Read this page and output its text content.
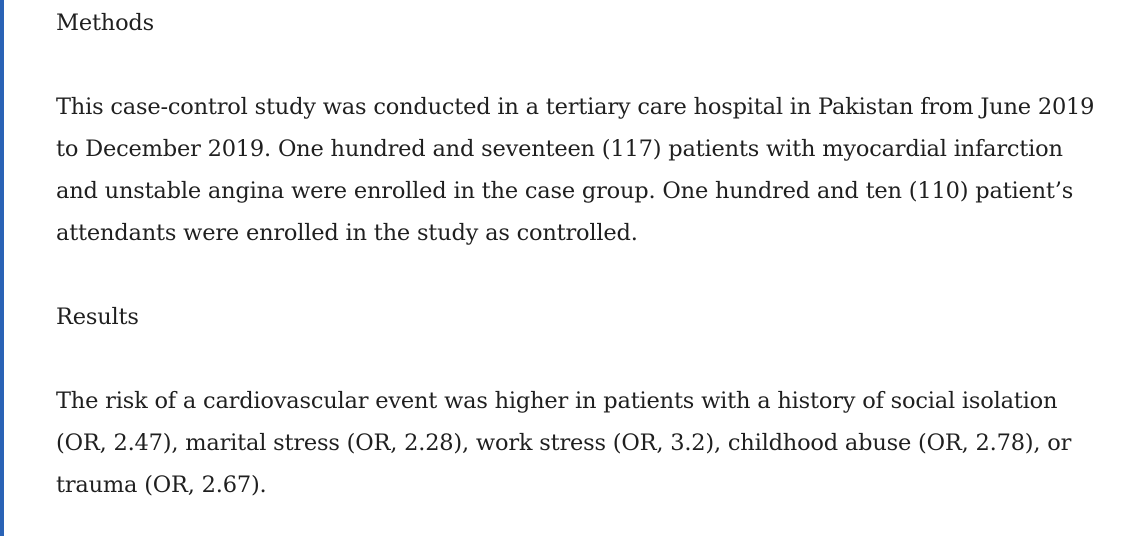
Methods

This case-control study was conducted in a tertiary care hospital in Pakistan from June 2019
to December 2019. One hundred and seventeen (117) patients with myocardial infarction
and unstable angina were enrolled in the case group. One hundred and ten (110) patient’s
attendants were enrolled in the study as controlled.

Results

The risk of a cardiovascular event was higher in patients with a history of social isolation
(OR, 2.47), marital stress (OR, 2.28), work stress (OR, 3.2), childhood abuse (OR, 2.78), or
trauma (OR, 2.67).
